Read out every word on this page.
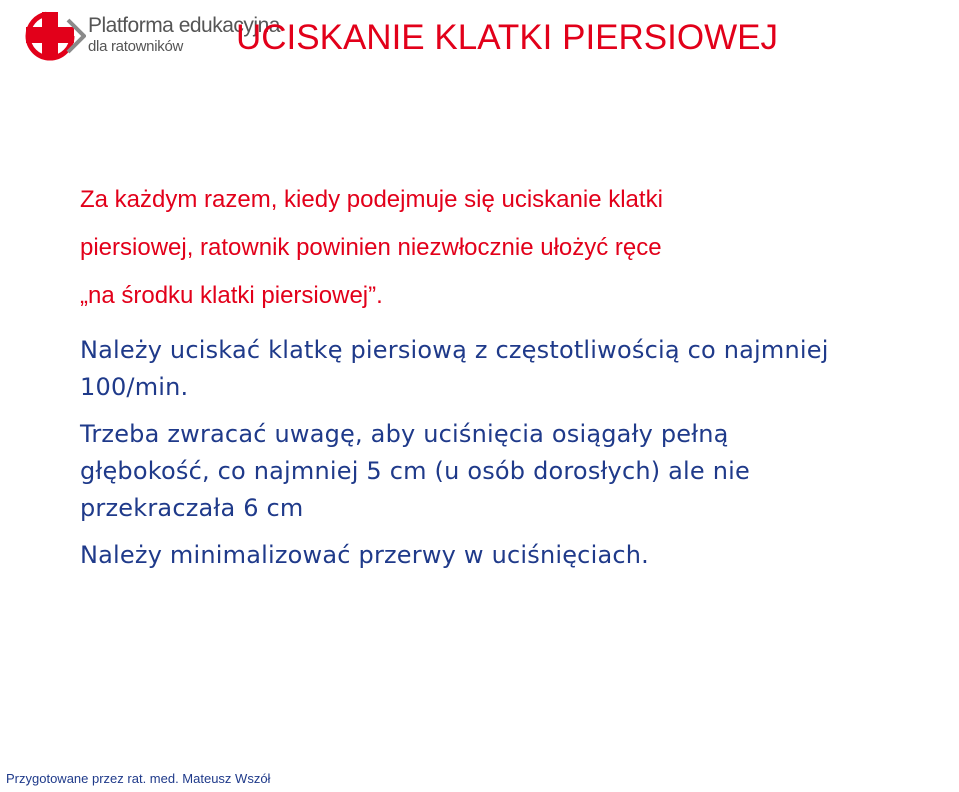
Platforma edukacyjna
dla ratowników UCISKANIE KLATKI PIERSIOWEJ
Za każdym razem, kiedy podejmuje się uciskanie klatki
piersiowej, ratownik powinien niezwłocznie ułożyć ręce
„na środku klatki piersiowej”.
Należy uciskać klatkę piersiową z częstotliwością co najmniej
100/min.
Trzeba zwracać uwagę, aby uciśnięcia osiągały pełną
głębokość, co najmniej 5 cm (u osób dorosłych) ale nie
przekraczała 6 cm
Należy minimalizować przerwy w uciśnięciach.
Przygotowane przez rat. med. Mateusz Wszół
